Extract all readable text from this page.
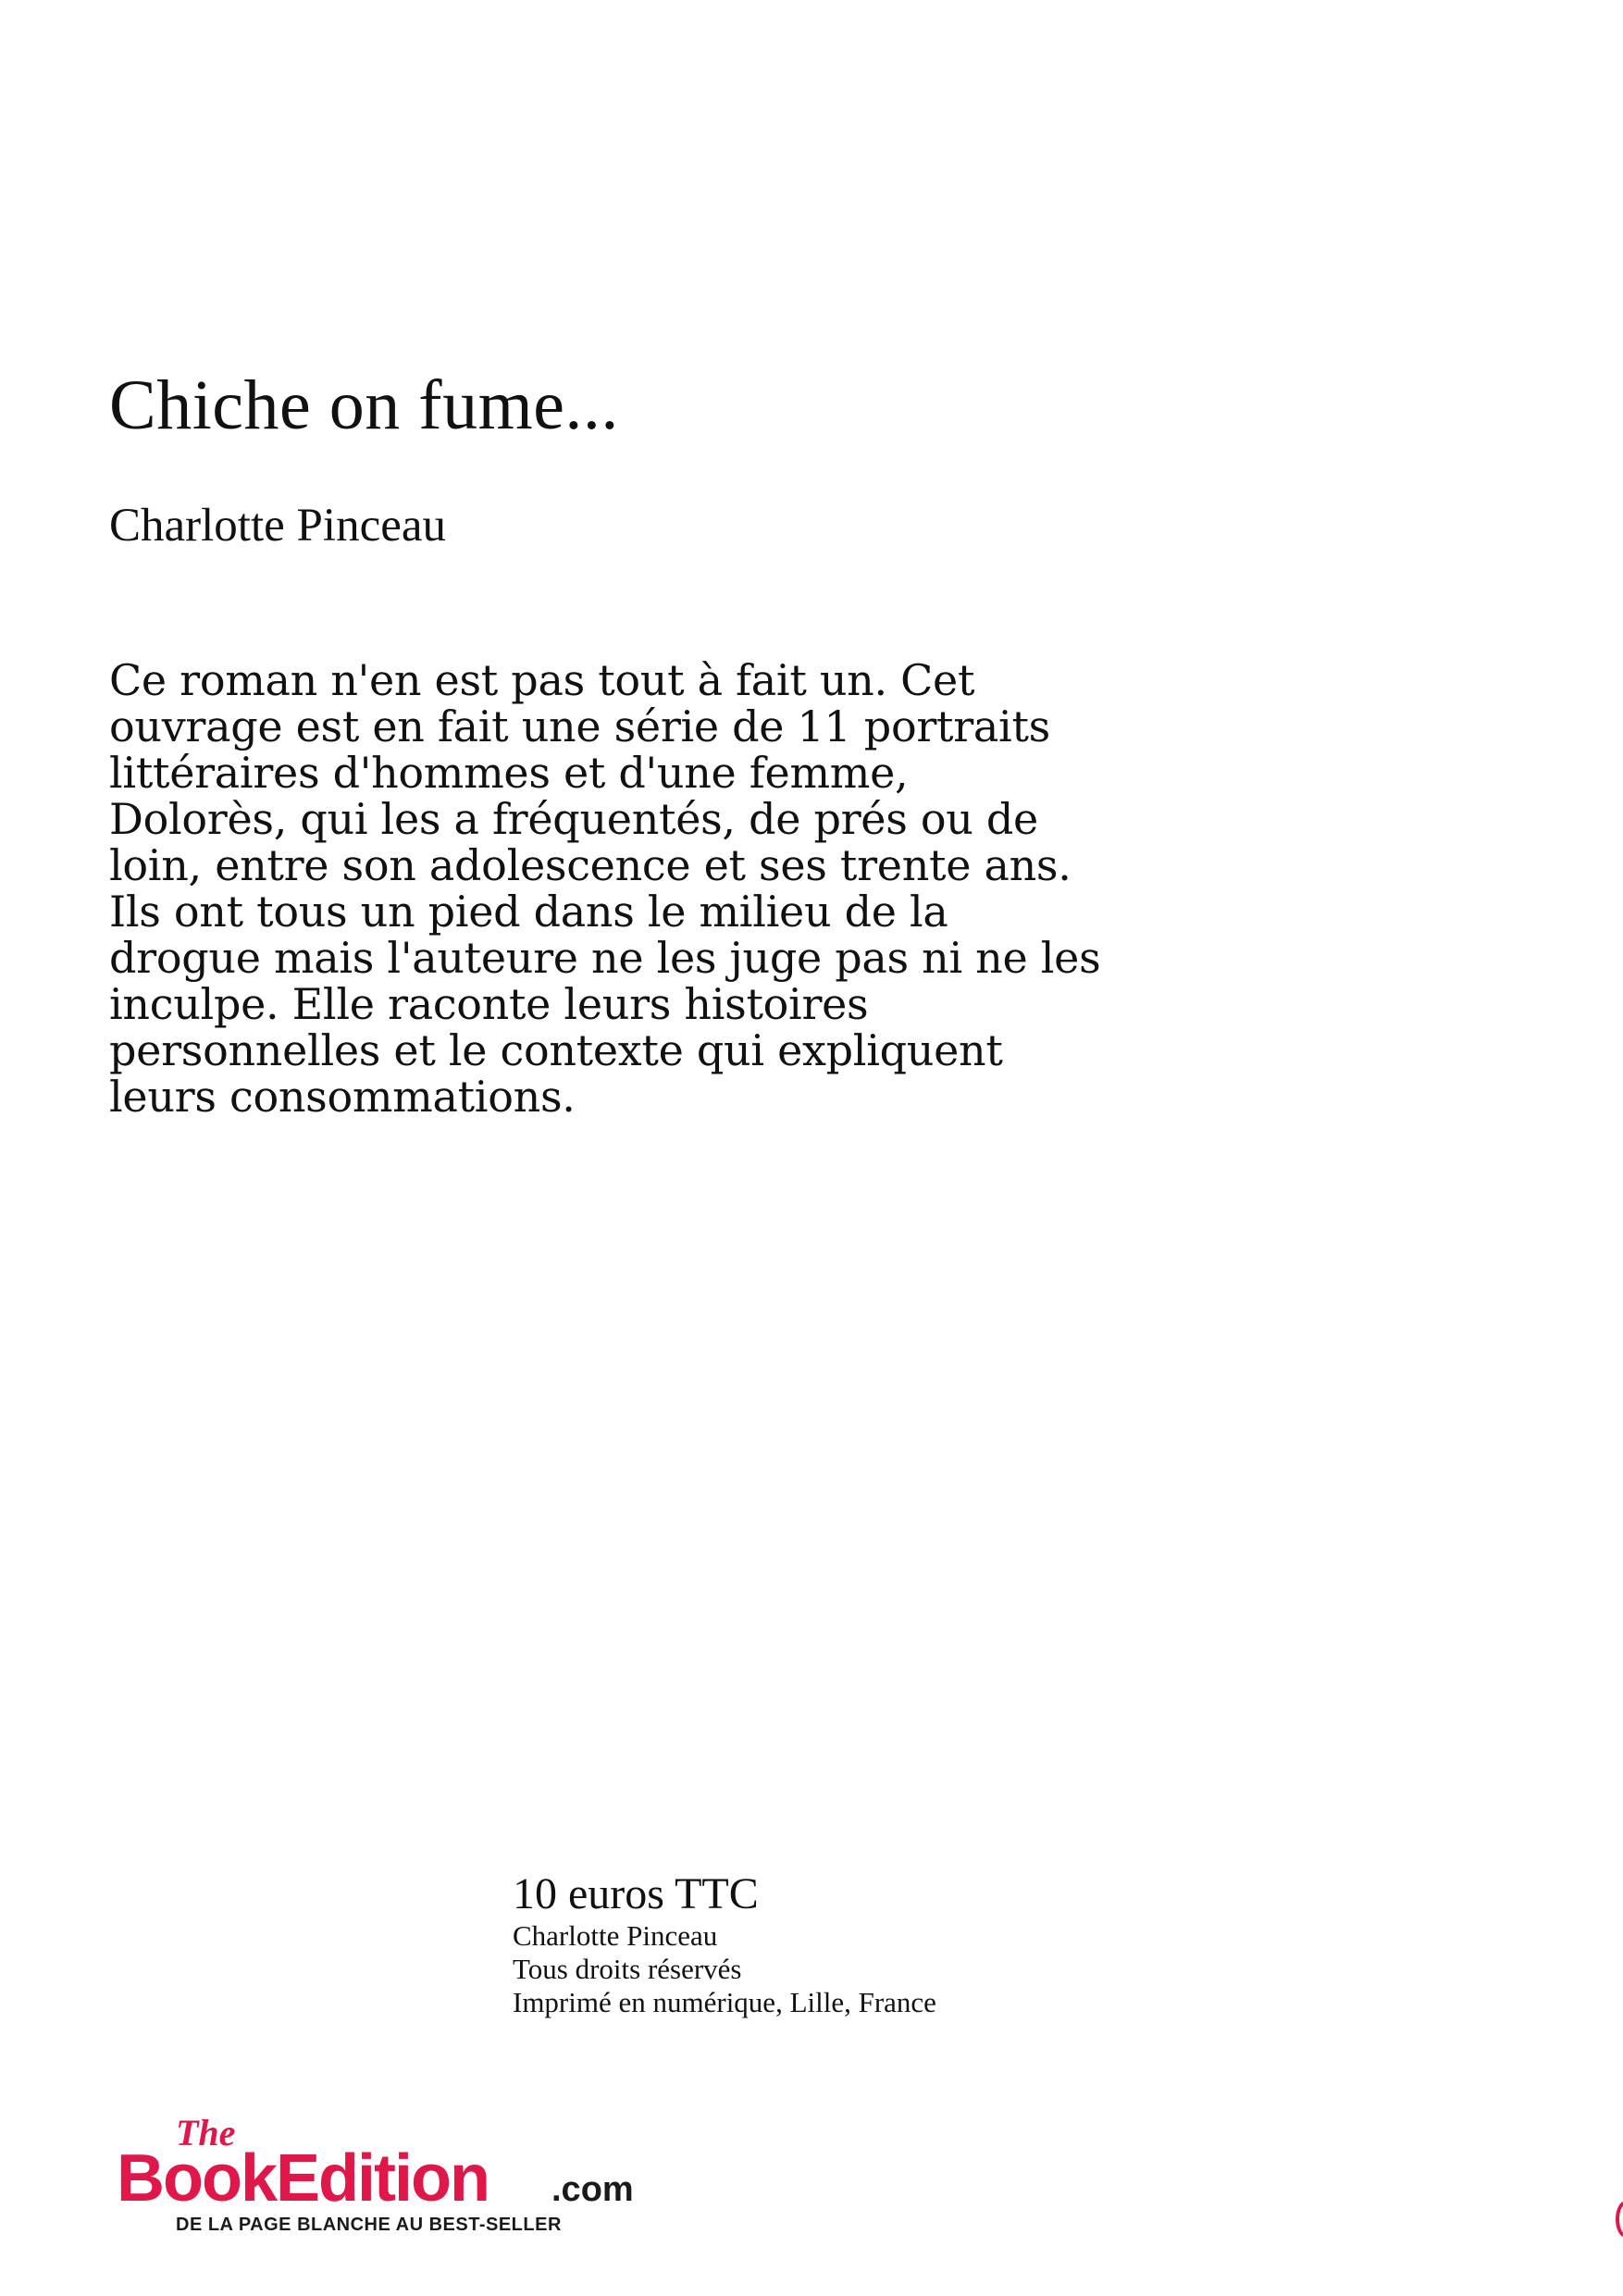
Chiche on fume...

Charlotte Pinceau

Ce roman n'en est pas tout à fait un. Cet
ouvrage est en fait une série de 11 portraits
littéraires d'hommes et d'une femme,
Dolorès, qui les a fréquentés, de prés ou de
loin, entre son adolescence et ses trente ans.
Ils ont tous un pied dans le milieu de la
drogue mais l'auteure ne les juge pas ni ne les
inculpe. Elle raconte leurs histoires
personnelles et le contexte qui expliquent
leurs consommations.

10 euros TTC
Charlotte Pinceau
Tous droits réservés
Imprimé en numérique, Lille, France
The
BookEdition .com
DE LA PAGE BLANCHE AU BEST-SELLER
